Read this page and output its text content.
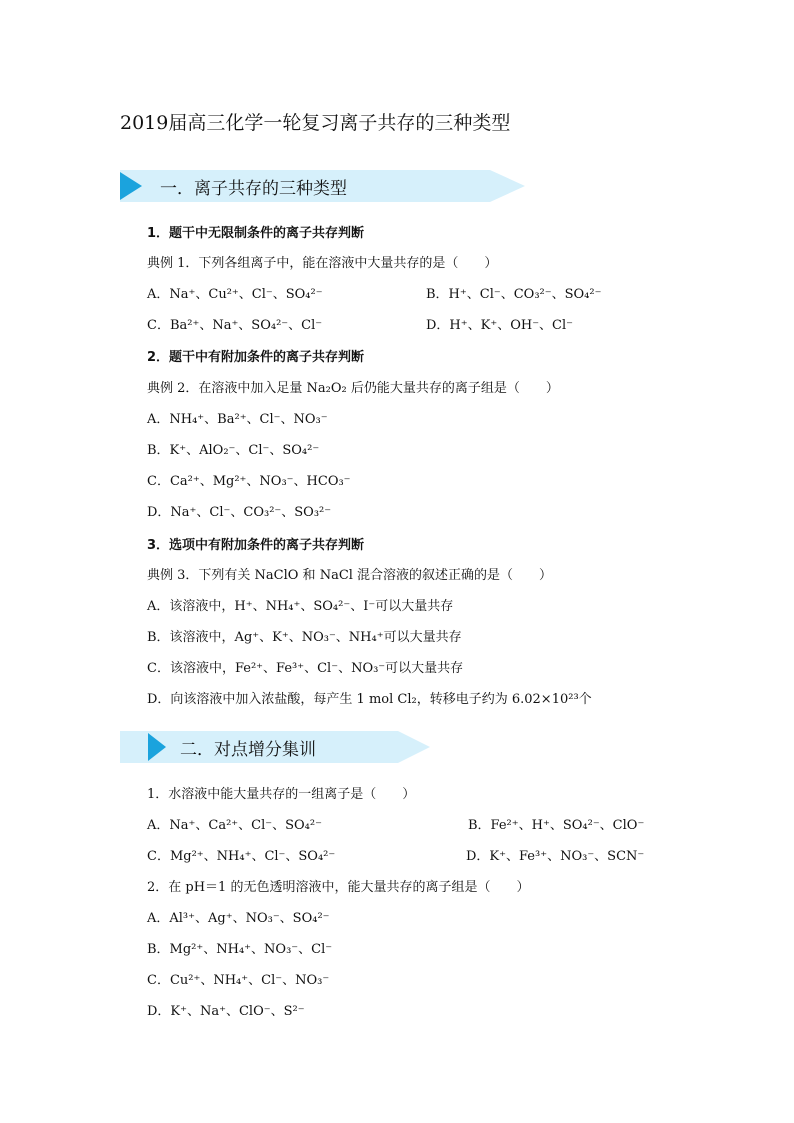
2019届高三化学一轮复习离子共存的三种类型
一．离子共存的三种类型
1．题干中无限制条件的离子共存判断
典例 1．下列各组离子中，能在溶液中大量共存的是（　　）
A．Na⁺、Cu²⁺、Cl⁻、SO₄²⁻	B．H⁺、Cl⁻、CO₃²⁻、SO₄²⁻
C．Ba²⁺、Na⁺、SO₄²⁻、Cl⁻	D．H⁺、K⁺、OH⁻、Cl⁻
2．题干中有附加条件的离子共存判断
典例 2．在溶液中加入足量 Na₂O₂ 后仍能大量共存的离子组是（　　）
A．NH₄⁺、Ba²⁺、Cl⁻、NO₃⁻
B．K⁺、AlO₂⁻、Cl⁻、SO₄²⁻
C．Ca²⁺、Mg²⁺、NO₃⁻、HCO₃⁻
D．Na⁺、Cl⁻、CO₃²⁻、SO₃²⁻
3．选项中有附加条件的离子共存判断
典例 3．下列有关 NaClO 和 NaCl 混合溶液的叙述正确的是（　　）
A．该溶液中，H⁺、NH₄⁺、SO₄²⁻、I⁻可以大量共存
B．该溶液中，Ag⁺、K⁺、NO₃⁻、NH₄⁺可以大量共存
C．该溶液中，Fe²⁺、Fe³⁺、Cl⁻、NO₃⁻可以大量共存
D．向该溶液中加入浓盐酸，每产生 1 mol Cl₂，转移电子约为 6.02×10²³个
二．对点增分集训
1．水溶液中能大量共存的一组离子是（　　）
A．Na⁺、Ca²⁺、Cl⁻、SO₄²⁻	B．Fe²⁺、H⁺、SO₄²⁻、ClO⁻
C．Mg²⁺、NH₄⁺、Cl⁻、SO₄²⁻	D．K⁺、Fe³⁺、NO₃⁻、SCN⁻
2．在 pH＝1 的无色透明溶液中，能大量共存的离子组是（　　）
A．Al³⁺、Ag⁺、NO₃⁻、SO₄²⁻
B．Mg²⁺、NH₄⁺、NO₃⁻、Cl⁻
C．Cu²⁺、NH₄⁺、Cl⁻、NO₃⁻
D．K⁺、Na⁺、ClO⁻、S²⁻
